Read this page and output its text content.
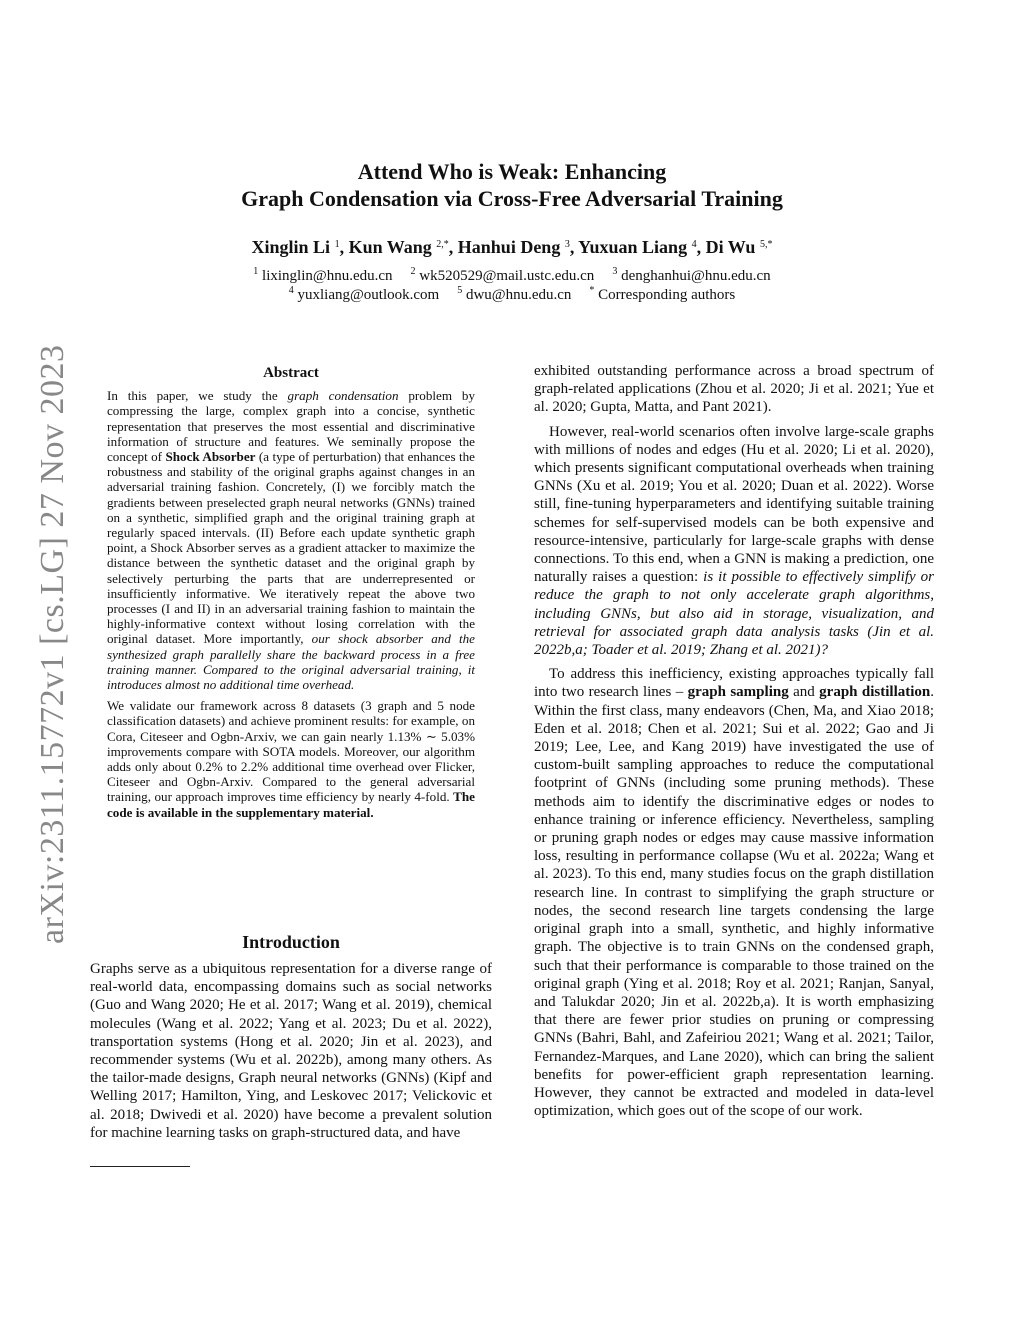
Attend Who is Weak: Enhancing
Graph Condensation via Cross-Free Adversarial Training
Xinglin Li $^1$, Kun Wang $^{2,*}$, Hanhui Deng $^3$, Yuxuan Liang $^4$, Di Wu $^{5,*}$
$^1$ lixinglin@hnu.edu.cn $^2$ wk520529@mail.ustc.edu.cn $^3$ denghanhui@hnu.edu.cn
$^4$ yuxliang@outlook.com $^5$ dwu@hnu.edu.cn * Corresponding authors
arXiv:2311.15772v1 [cs.LG] 27 Nov 2023	Abstract

In this paper, we study the graph condensation problem by compressing the large, complex graph into a concise, synthetic representation that preserves the most essential and discriminative information of structure and features. We seminally propose the concept of Shock Absorber (a type of perturbation) that enhances the robustness and stability of the original graphs against changes in an adversarial training fashion. Concretely, (I) we forcibly match the gradients between preselected graph neural networks (GNNs) trained on a synthetic, simplified graph and the original training graph at regularly spaced intervals. (II) Before each update synthetic graph point, a Shock Absorber serves as a gradient attacker to maximize the distance between the synthetic dataset and the original graph by selectively perturbing the parts that are underrepresented or insufficiently informative. We iteratively repeat the above two processes (I and II) in an adversarial training fashion to maintain the highly-informative context without losing correlation with the original dataset. More importantly, our shock absorber and the synthesized graph parallelly share the backward process in a free training manner. Compared to the original adversarial training, it introduces almost no additional time overhead.

We validate our framework across 8 datasets (3 graph and 5 node classification datasets) and achieve prominent results: for example, on Cora, Citeseer and Ogbn-Arxiv, we can gain nearly 1.13% ∼ 5.03% improvements compare with SOTA models. Moreover, our algorithm adds only about 0.2% to 2.2% additional time overhead over Flicker, Citeseer and Ogbn-Arxiv. Compared to the general adversarial training, our approach improves time efficiency by nearly 4-fold. The code is available in the supplementary material.

Introduction
Graphs serve as a ubiquitous representation for a diverse range of real-world data, encompassing domains such as social networks (Guo and Wang 2020; He et al. 2017; Wang et al. 2019), chemical molecules (Wang et al. 2022; Yang et al. 2023; Du et al. 2022), transportation systems (Hong et al. 2020; Jin et al. 2023), and recommender systems (Wu et al. 2022b), among many others. As the tailor-made designs, Graph neural networks (GNNs) (Kipf and Welling 2017; Hamilton, Ying, and Leskovec 2017; Velickovic et al. 2018; Dwivedi et al. 2020) have become a prevalent solution for machine learning tasks on graph-structured data, and have

exhibited outstanding performance across a broad spectrum of graph-related applications (Zhou et al. 2020; Ji et al. 2021; Yue et al. 2020; Gupta, Matta, and Pant 2021).

However, real-world scenarios often involve large-scale graphs with millions of nodes and edges (Hu et al. 2020; Li et al. 2020), which presents significant computational overheads when training GNNs (Xu et al. 2019; You et al. 2020; Duan et al. 2022). Worse still, fine-tuning hyperparameters and identifying suitable training schemes for self-supervised models can be both expensive and resource-intensive, particularly for large-scale graphs with dense connections. To this end, when a GNN is making a prediction, one naturally raises a question: is it possible to effectively simplify or reduce the graph to not only accelerate graph algorithms, including GNNs, but also aid in storage, visualization, and retrieval for associated graph data analysis tasks (Jin et al. 2022b,a; Toader et al. 2019; Zhang et al. 2021)?

To address this inefficiency, existing approaches typically fall into two research lines – graph sampling and graph distillation. Within the first class, many endeavors (Chen, Ma, and Xiao 2018; Eden et al. 2018; Chen et al. 2021; Sui et al. 2022; Gao and Ji 2019; Lee, Lee, and Kang 2019) have investigated the use of custom-built sampling approaches to reduce the computational footprint of GNNs (including some pruning methods). These methods aim to identify the discriminative edges or nodes to enhance training or inference efficiency. Nevertheless, sampling or pruning graph nodes or edges may cause massive information loss, resulting in performance collapse (Wu et al. 2022a; Wang et al. 2023). To this end, many studies focus on the graph distillation research line. In contrast to simplifying the graph structure or nodes, the second research line targets condensing the large original graph into a small, synthetic, and highly informative graph. The objective is to train GNNs on the condensed graph, such that their performance is comparable to those trained on the original graph (Ying et al. 2018; Roy et al. 2021; Ranjan, Sanyal, and Talukdar 2020; Jin et al. 2022b,a). It is worth emphasizing that there are fewer prior studies on pruning or compressing GNNs (Bahri, Bahl, and Zafeiriou 2021; Wang et al. 2021; Tailor, Fernandez-Marques, and Lane 2020), which can bring the salient benefits for power-efficient graph representation learning. However, they cannot be extracted and modeled in data-level optimization, which goes out of the scope of our work.
